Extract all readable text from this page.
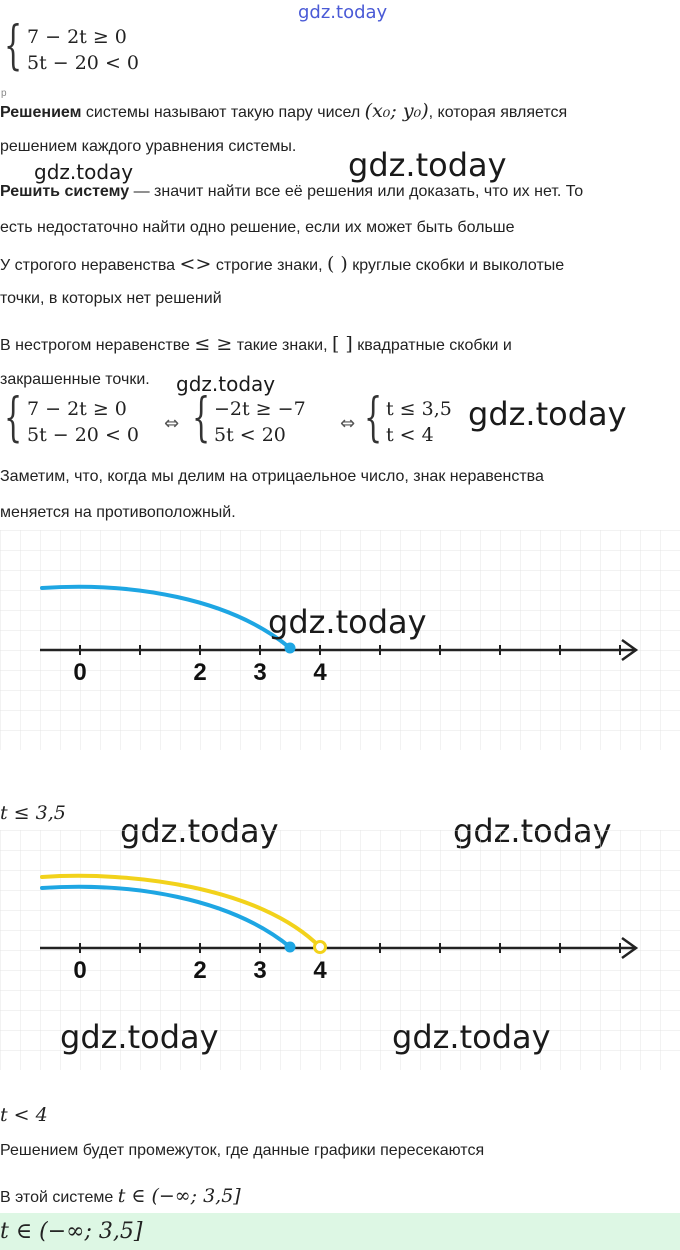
gdz.today
{ 7 − 2t ≥ 0
5t − 20 < 0
р
Решением системы называют такую пару чисел (x₀; y₀), которая является
решением каждого уравнения системы.
gdz.today	gdz.today
Решить систему — значит найти все её решения или доказать, что их нет. То
есть недостаточно найти одно решение, если их может быть больше
У строгого неравенства <> строгие знаки, ( ) круглые скобки и выколотые
точки, в которых нет решений
В нестрогом неравенстве ≤ ≥ такие знаки, [ ] квадратные скобки и
закрашенные точки. gdz.today
{ 7 − 2t ≥ 0
5t − 20 < 0
⇔ { −2t ≥ −7
5t < 20
⇔ { t ≤ 3,5
t < 4
gdz.today
Заметим, что, когда мы делим на отрицаельное число, знак неравенства
меняется на противоположный.
0	2 3 4
gdz.today
t ≤ 3,5
0	2 3 4
gdz.today	gdz.today
t < 4
Решением будет промежуток, где данные графики пересекаются
В этой системе t ∈ (−∞; 3,5]
t ∈ (−∞; 3,5]
